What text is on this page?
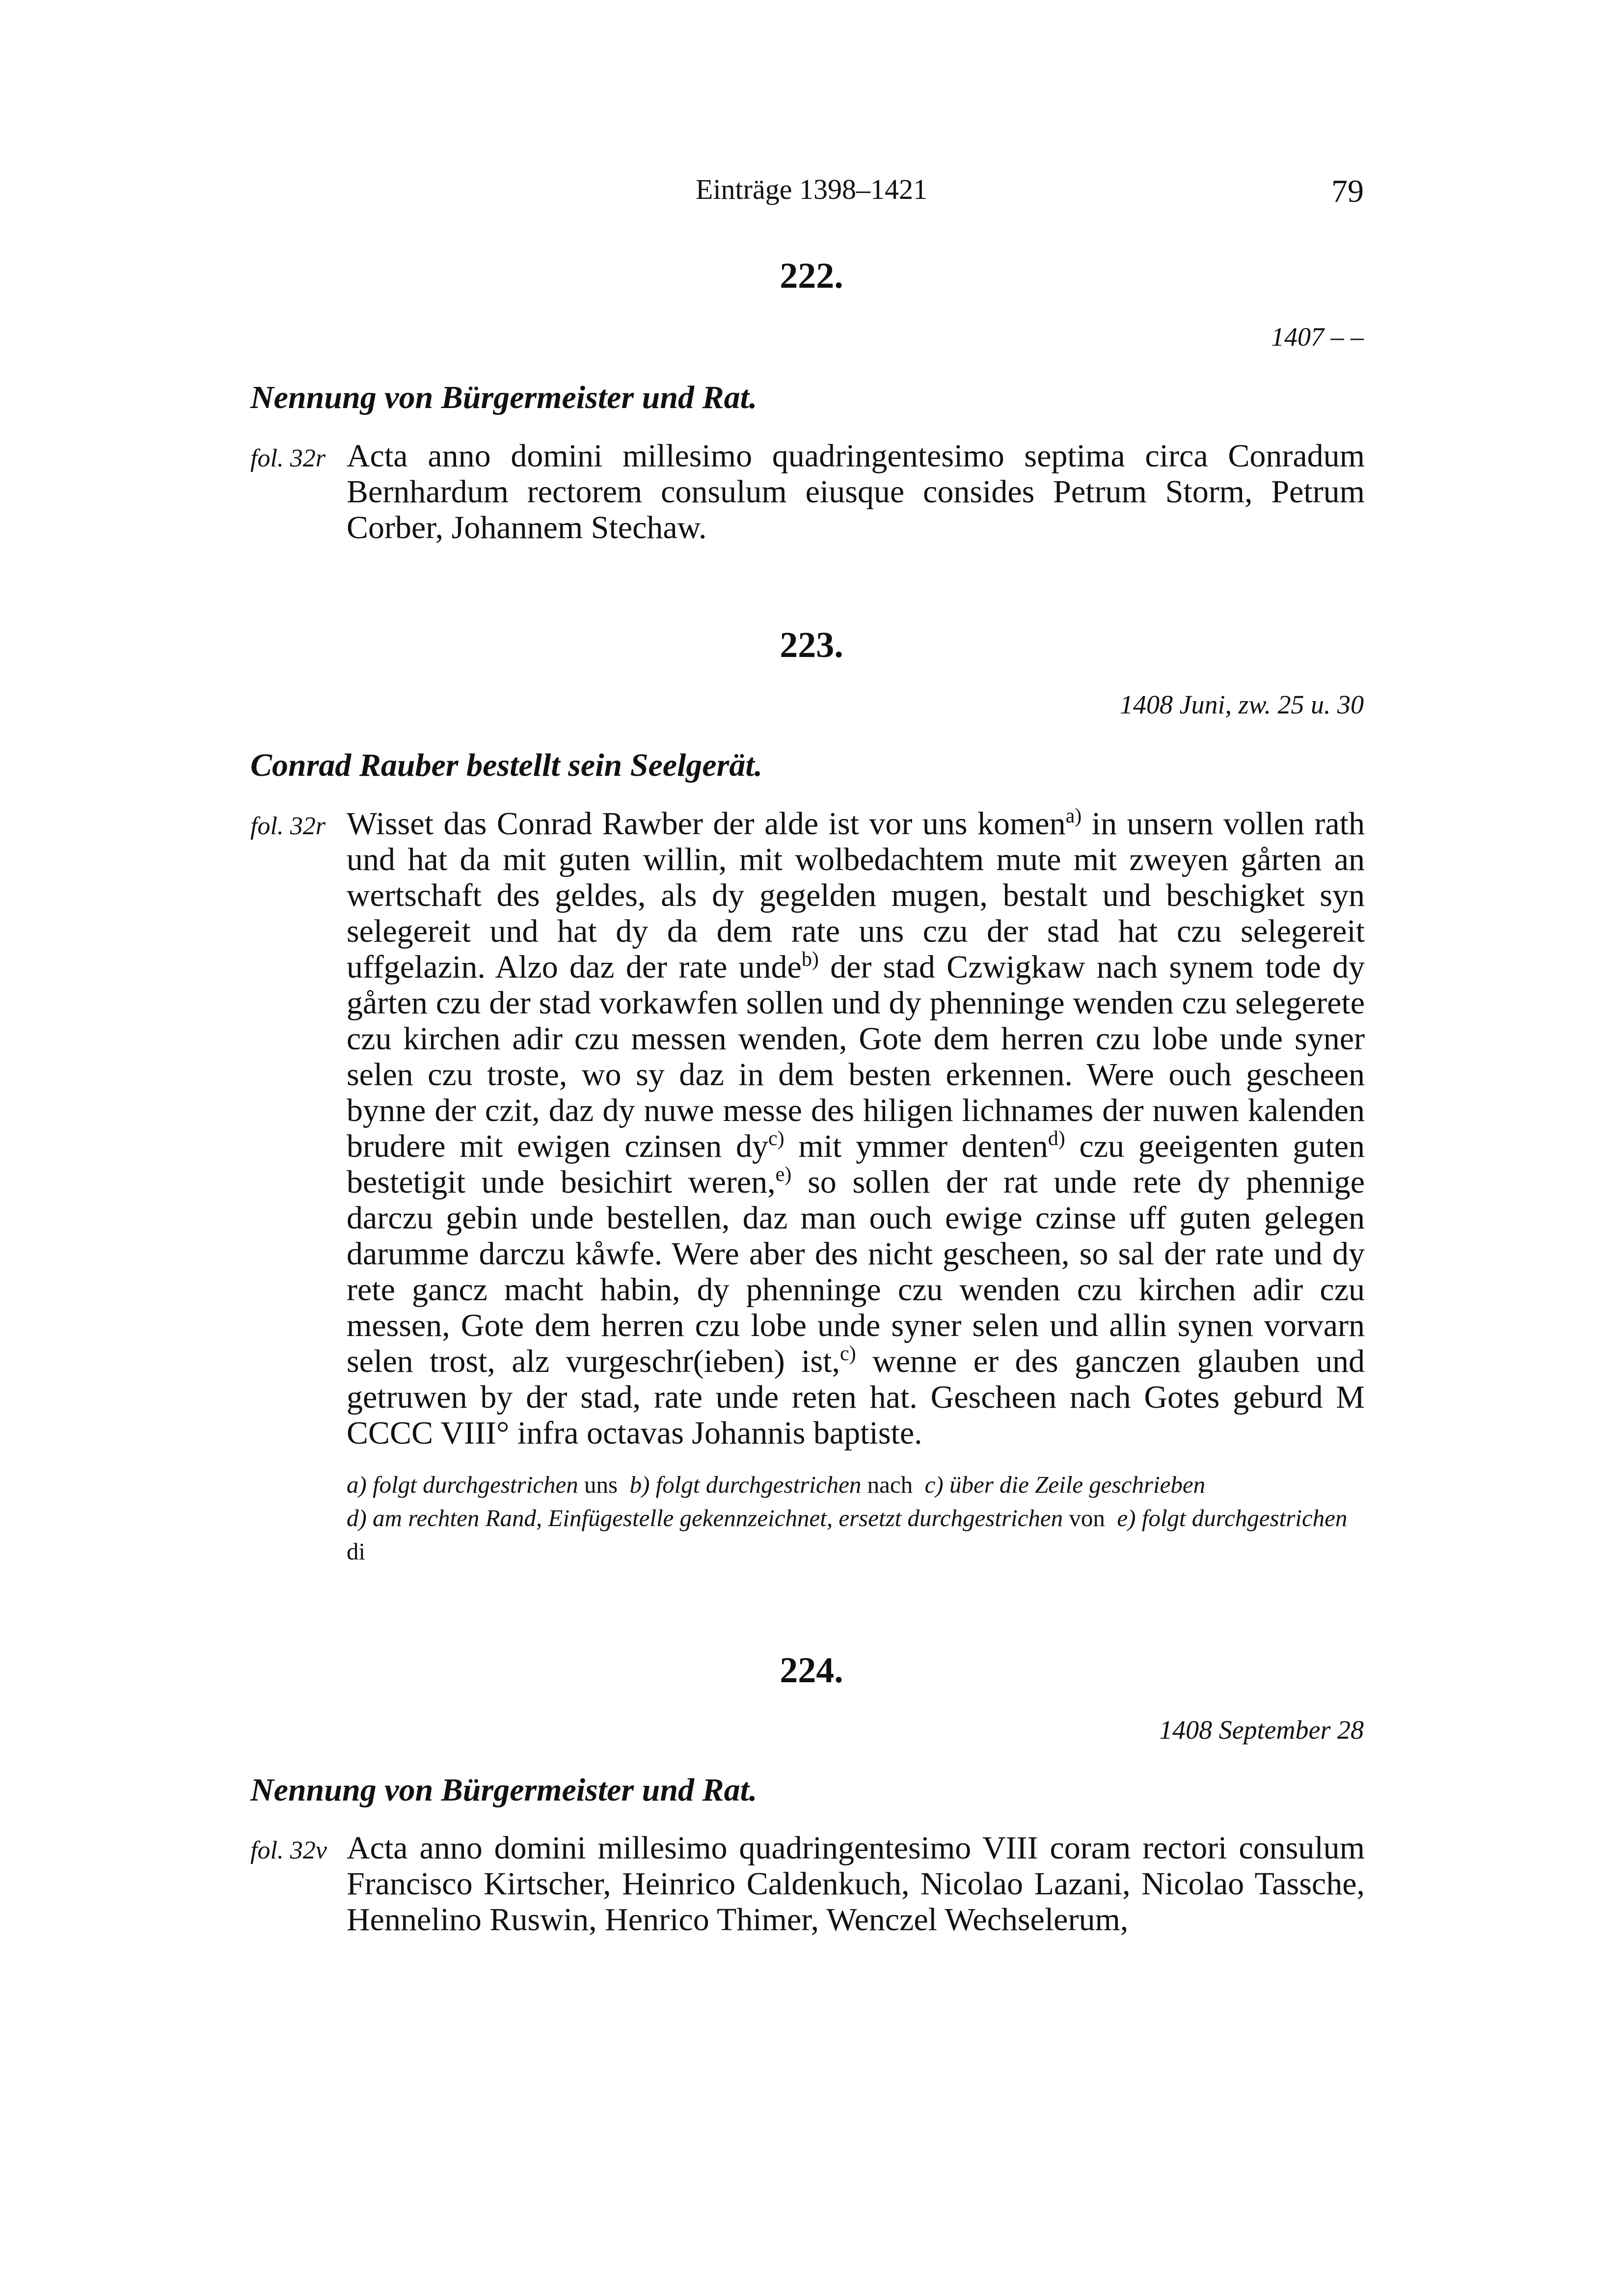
Einträge 1398–1421	79
222.
1407 – –
Nennung von Bürgermeister und Rat.
fol. 32r Acta anno domini millesimo quadringentesimo septima circa Conradum Bernhardum rectorem consulum eiusque consides Petrum Storm, Petrum Corber, Johannem Stechaw.
223.
1408 Juni, zw. 25 u. 30
Conrad Rauber bestellt sein Seelgerät.
fol. 32r Wisset das Conrad Rawber der alde ist vor uns komen$^{a)}$ in unsern vollen rath und hat da mit guten willin, mit wolbedachtem mute mit zweyen gårten an wertschaft des geldes, als dy gegelden mugen, bestalt und beschigket syn selegereit und hat dy da dem rate uns czu der stad hat czu selegereit uffgelazin. Alzo daz der rate unde$^{b)}$ der stad Czwigkaw nach synem tode dy gårten czu der stad vorkawfen sollen und dy phenninge wenden czu selegerete czu kirchen adir czu messen wenden, Gote dem herren czu lobe unde syner selen czu troste, wo sy daz in dem besten erkennen. Were ouch gescheen bynne der czit, daz dy nuwe messe des hiligen lichnames der nuwen kalenden brudere mit ewigen czinsen $dy^{c)}$ mit ymmer denten$^{d)}$ czu geeigenten guten bestetigit unde besichirt weren,$^{e)}$ so sollen der rat unde rete dy phennige darczu gebin unde bestellen, daz man ouch ewige czinse uff guten gelegen darumme darczu kåwfe. Were aber des nicht gescheen, so sal der rate und dy rete gancz macht habin, dy phenninge czu wenden czu kirchen adir czu messen, Gote dem herren czu lobe unde syner selen und allin synen vorvarn selen trost, alz vurgeschr(ieben) ist,$^{c)}$ wenne er des ganczen glauben und getruwen by der stad, rate unde reten hat. Gescheen nach Gotes geburd M CCCC VIII° infra octavas Johannis baptiste.
a) folgt durchgestrichen uns b) folgt durchgestrichen nach c) über die Zeile geschrieben
d) am rechten Rand, Einfügestelle gekennzeichnet, ersetzt durchgestrichen von e) folgt durchgestrichen di
224.
1408 September 28
Nennung von Bürgermeister und Rat.
fol. 32v Acta anno domini millesimo quadringentesimo VIII coram rectori consulum Francisco Kirtscher, Heinrico Caldenkuch, Nicolao Lazani, Nicolao Tassche, Hennelino Ruswin, Henrico Thimer, Wenczel Wechselerum,
